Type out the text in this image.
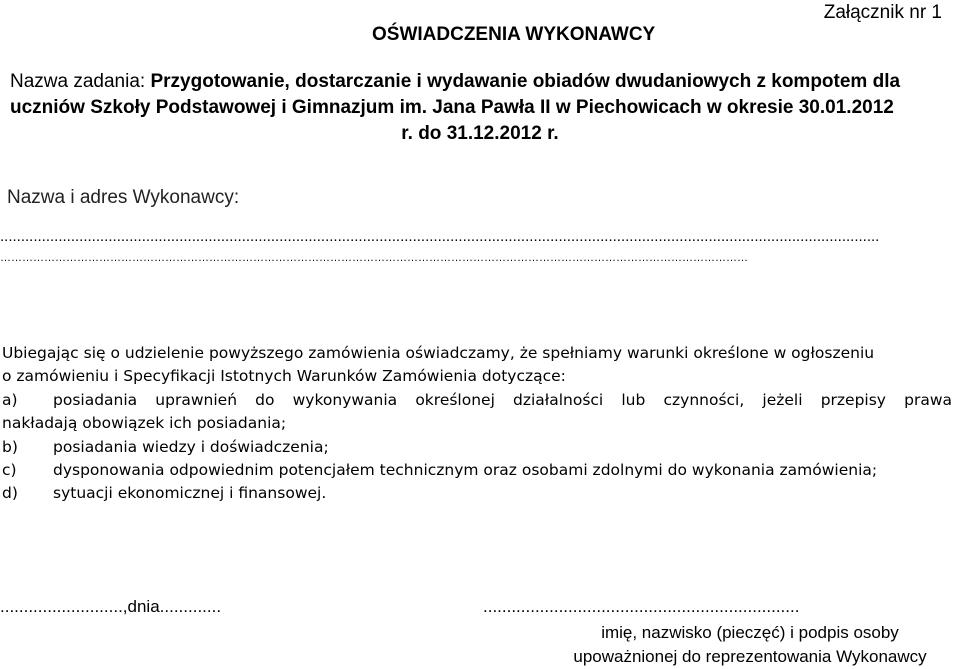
Załącznik nr 1
OŚWIADCZENIA WYKONAWCY
Nazwa zadania: Przygotowanie, dostarczanie i wydawanie obiadów dwudaniowych z kompotem dla uczniów Szkoły Podstawowej i Gimnazjum im. Jana Pawła II w Piechowicach w okresie 30.01.2012
r. do 31.12.2012 r.
Nazwa i adres Wykonawcy:
...................................................................................................................................................................................................................
……………………………………………………………………………………………………………………………………………………………………………………

Ubiegając się o udzielenie powyższego zamówienia oświadczamy, że spełniamy warunki określone w ogłoszeniu
o zamówieniu i Specyfikacji Istotnych Warunków Zamówienia dotyczące:

a)	posiadania uprawnień do wykonywania określonej działalności lub czynności, jeżeli przepisy prawa
nakładają obowiązek ich posiadania;
b)	posiadania wiedzy i doświadczenia;
c)	dysponowania odpowiednim potencjałem technicznym oraz osobami zdolnymi do wykonania zamówienia;
d)	sytuacji ekonomicznej i finansowej.
..........................,dnia.............	...................................................................
imię, nazwisko (pieczęć) i podpis osoby
upoważnionej do reprezentowania Wykonawcy
